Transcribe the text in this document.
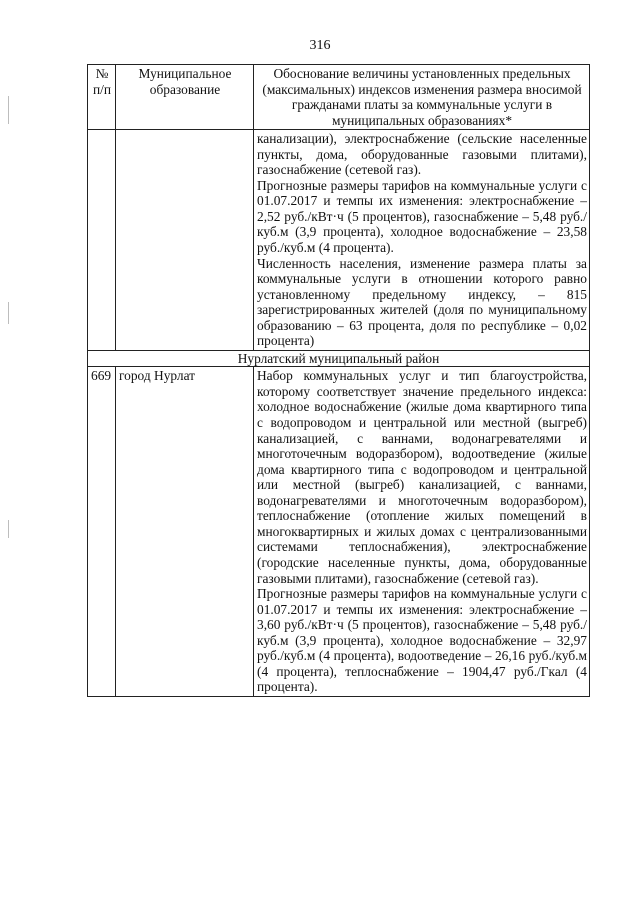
316
№ п/п	Муниципальное образование	Обоснование величины установленных предельных (максимальных) индексов изменения размера вносимой гражданами платы за коммунальные услуги в муниципальных образованиях*

		канализации), электроснабжение (сельские населенные пункты, дома, оборудованные газовыми плитами), газоснабжение (сетевой газ).

Прогнозные размеры тарифов на коммунальные услуги с 01.07.2017 и темпы их изменения: электроснабжение – 2,52 руб./кВт·ч (5 процентов), газоснабжение – 5,48 руб./куб.м (3,9 процента), холодное водоснабжение – 23,58 руб./куб.м (4 процента).

Численность населения, изменение размера платы за коммунальные услуги в отношении которого равно установленному предельному индексу, – 815 зарегистрированных жителей (доля по муниципальному образованию – 63 процента, доля по республике – 0,02 процента)

Нурлатский муниципальный район		
669	город Нурлат	Набор коммунальных услуг и тип благоустройства, которому соответствует значение предельного индекса: холодное водоснабжение (жилые дома квартирного типа с водопроводом и центральной или местной (выгреб) канализацией, с ваннами, водонагревателями и многоточечным водоразбором), водоотведение (жилые дома квартирного типа с водопроводом и центральной или местной (выгреб) канализацией, с ваннами, водонагревателями и многоточечным водоразбором), теплоснабжение (отопление жилых помещений в многоквартирных и жилых домах с централизованными системами теплоснабжения), электроснабжение (городские населенные пункты, дома, оборудованные газовыми плитами), газоснабжение (сетевой газ).

Прогнозные размеры тарифов на коммунальные услуги с 01.07.2017 и темпы их изменения: электроснабжение – 3,60 руб./кВт·ч (5 процентов), газоснабжение – 5,48 руб./куб.м (3,9 процента), холодное водоснабжение – 32,97 руб./куб.м (4 процента), водоотведение – 26,16 руб./куб.м (4 процента), теплоснабжение – 1904,47 руб./Гкал (4 процента).
